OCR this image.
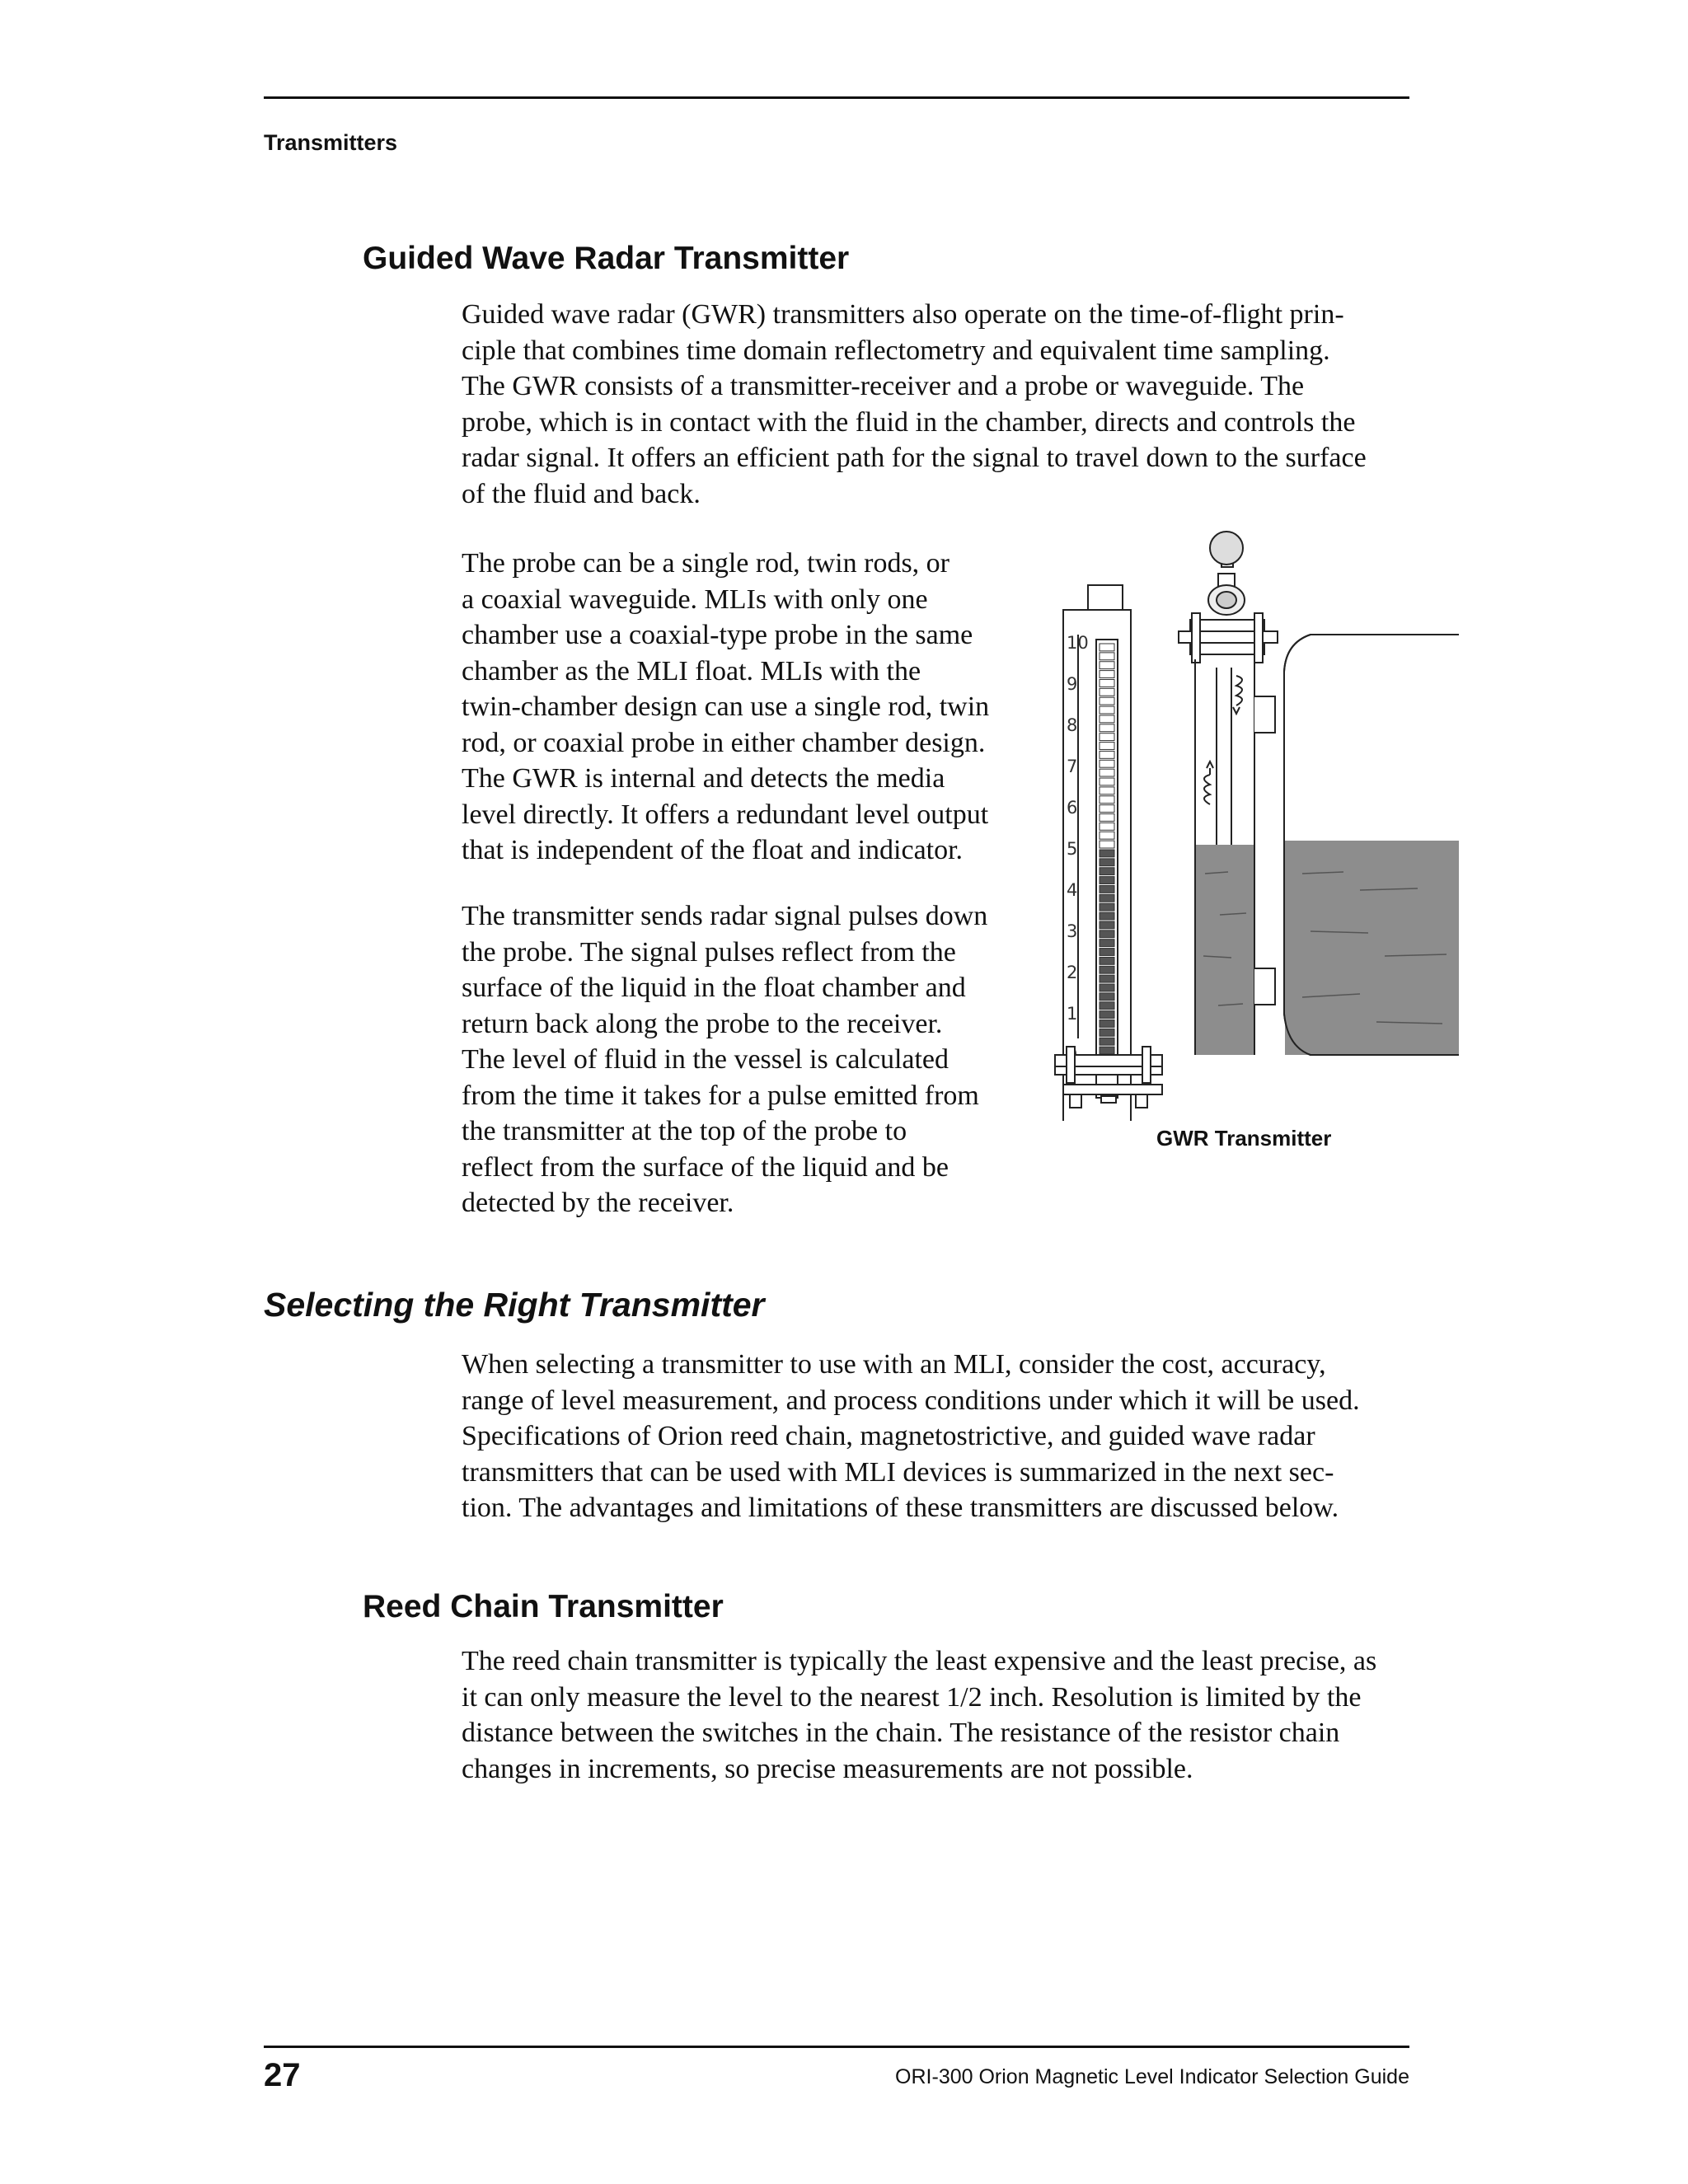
Transmitters
Guided Wave Radar Transmitter

Guided wave radar (GWR) transmitters also operate on the time-of-flight prin-
ciple that combines time domain reflectometry and equivalent time sampling.
The GWR consists of a transmitter-receiver and a probe or waveguide. The
probe, which is in contact with the fluid in the chamber, directs and controls the
radar signal. It offers an efficient path for the signal to travel down to the surface
of the fluid and back.

The probe can be a single rod, twin rods, or
a coaxial waveguide. MLIs with only one
chamber use a coaxial-type probe in the same
chamber as the MLI float. MLIs with the
twin-chamber design can use a single rod, twin
rod, or coaxial probe in either chamber design.
The GWR is internal and detects the media
level directly. It offers a redundant level output
that is independent of the float and indicator.

The transmitter sends radar signal pulses down
the probe. The signal pulses reflect from the
surface of the liquid in the float chamber and
return back along the probe to the receiver.
The level of fluid in the vessel is calculated
from the time it takes for a pulse emitted from
the transmitter at the top of the probe to
reflect from the surface of the liquid and be
detected by the receiver.

10
9
8
7
6
5
4
3
2
1
GWR Transmitter
Selecting the Right Transmitter

When selecting a transmitter to use with an MLI, consider the cost, accuracy,
range of level measurement, and process conditions under which it will be used.
Specifications of Orion reed chain, magnetostrictive, and guided wave radar
transmitters that can be used with MLI devices is summarized in the next sec-
tion. The advantages and limitations of these transmitters are discussed below.

Reed Chain Transmitter

The reed chain transmitter is typically the least expensive and the least precise, as
it can only measure the level to the nearest 1/2 inch. Resolution is limited by the
distance between the switches in the chain. The resistance of the resistor chain
changes in increments, so precise measurements are not possible.

27	ORI-300 Orion Magnetic Level Indicator Selection Guide
